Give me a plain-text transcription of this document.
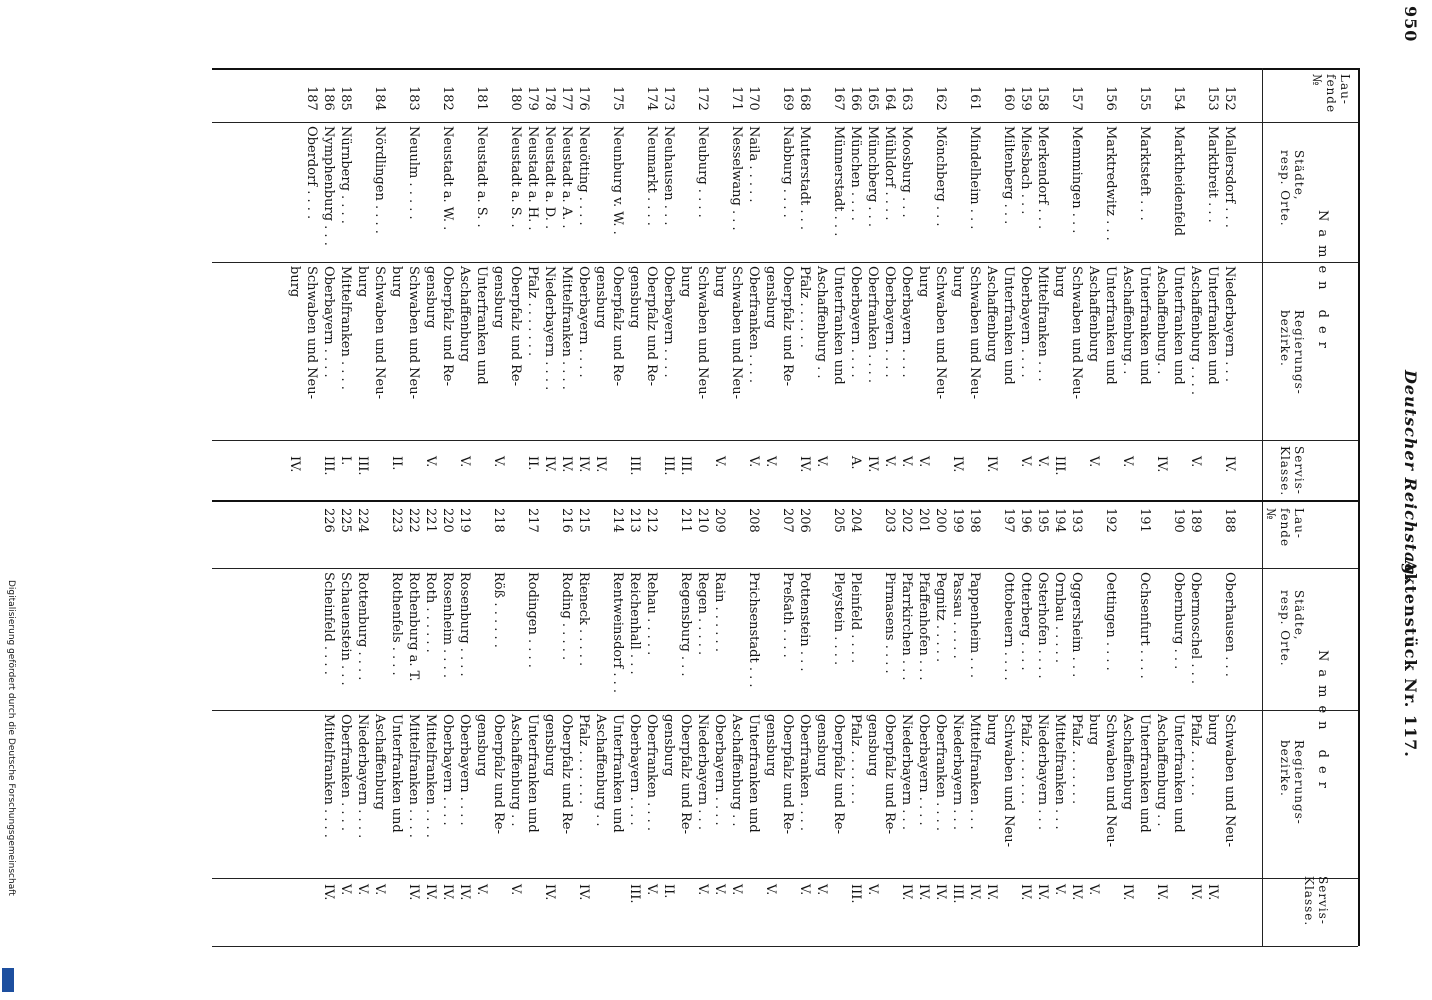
950
Deutscher Reichstag.
Aktenstück Nr. 117.
Lau-
fende
№
Namen der
Städte,
resp. Orte.
Regierungs-
bezirke.
Servis-
Klasse.
Lau-
fende
№
Namen der
Städte,
resp. Orte.
Regierungs-
bezirke.
Servis-
Klasse.
152
Mallersdorf . . .
Niederbayern . . .
IV.
153
Marktbreit . . .
Unterfranken und
Aschaffenburg . . . .
V.
154
Marktheidenfeld
Unterfranken und
Aschaffenburg. .
IV.
155
Marktsteft . . .
Unterfranken und
Aschaffenburg. .
V.
156
Marktredwitz . . .
Unterfranken und
Aschaffenburg
V.
157
Memmingen . . .
Schwaben und Neu-
burg
III.
158
Merkendorf . . .
Mittelfranken . . .
V.
159
Miesbach . . .
Oberbayern . . . .
V.
160
Miltenberg . . .
Unterfranken und
Aschaffenburg
IV.
161
Mindelheim . . .
Schwaben und Neu-
burg
IV.
162
Mönchberg . . .
Schwaben und Neu-
burg
V.
163
Moosburg . . .
Oberbayern . . . .
V.
164
Mühldorf . . . .
Oberbayern . . . .
V.
165
Münchberg . . .
Oberfranken . . . .
IV.
166
München . . . .
Oberbayern . . . .
A.
167
Münnerstadt . . .
Unterfranken und
Aschaffenburg . .
V.
168
Mutterstadt . . .
Pfalz . . . . . .
IV.
169
Nabburg . . . .
Oberpfalz und Re-
gensburg
V.
170
Naila . . . . .
Oberfranken . . . .
V.
171
Nesselwang . . .
Schwaben und Neu-
burg
V.
172
Neuburg . . . .
Schwaben und Neu-
burg
III.
173
Neuhausen . . .
Oberbayern . . . .
III.
174
Neumarkt . . . .
Oberpfalz und Re-
gensburg
III.
175
Neunburg v. W. .
Oberpfalz und Re-
gensburg
IV.
176
Neuötting . . . .
Oberbayern . . . .
IV.
177
Neustadt a. A. .
Mittelfranken . . . .
IV.
178
Neustadt a. D. .
Niederbayern . . . .
IV.
179
Neustadt a. H. .
Pfalz . . . . . . .
II.
180
Neustadt a. S. .
Oberpfalz und Re-
gensburg
V.
181
Neustadt a. S. .
Unterfranken und
Aschaffenburg
V.
182
Neustadt a. W. .
Oberpfalz und Re-
gensburg
V.
183
Neuulm . . . . .
Schwaben und Neu-
burg
II.
184
Nördlingen . . . .
Schwaben und Neu-
burg
III.
185
Nürnberg . . . .
Mittelfranken . . . .
I.
186
Nymphenburg . . .
Oberbayern . . . .
III.
187
Oberdorf . . . .
Schwaben und Neu-
burg
IV.
188
Oberhausen . . .
Schwaben und Neu-
burg
IV.
189
Obermoschel . . .
Pfalz . . . . . .
IV.
190
Obernburg . . .
Unterfranken und
Aschaffenburg . .
IV.
191
Ochsenfurt . . . .
Unterfranken und
Aschaffenburg
IV.
192
Oettingen . . . .
Schwaben und Neu-
burg
V.
193
Oggersheim . . .
Pfalz . . . . . . .
IV.
194
Ornbau . . . . .
Mittelfranken . . .
V.
195
Osterhofen . . . .
Niederbayern . . .
IV.
196
Otterberg . . . .
Pfalz . . . . . . .
IV.
197
Ottobeuern . . . .
Schwaben und Neu-
burg
IV.
198
Pappenheim . . .
Mittelfranken . . .
IV.
199
Passau . . . . .
Niederbayern . . .
III.
200
Pegnitz . . . . .
Oberfranken . . . .
IV.
201
Pfaffenhofen . . .
Oberbayern . . . .
IV.
202
Pfarrkirchen . . .
Niederbayern . . .
IV.
203
Pirmasens . . . .
Oberpfalz und Re-
gensburg
V.
204
Pleinfeld . . . .
Pfalz . . . . . . .
III.
205
Pleystein . . . .
Oberpfalz und Re-
gensburg
V.
206
Pottenstein . . .
Oberfranken . . . .
V.
207
Preßath . . . .
Oberpfalz und Re-
gensburg
V.
208
Prichsenstadt . . .
Unterfranken und
Aschaffenburg . .
V.
209
Rain . . . . . .
Oberbayern . . . .
V.
210
Regen . . . . .
Niederbayern . . .
V.
211
Regensburg . . .
Oberpfalz und Re-
gensburg
II.
212
Rehau . . . . .
Oberfranken . . . .
V.
213
Reichenhall . . .
Oberbayern . . . .
III.
214
Rentweinsdorf . . .
Unterfranken und
Aschaffenburg . .
215
Rieneck . . . . .
Pfalz . . . . . . .
IV.
216
Roding . . . . .
Oberpfalz und Re-
gensburg
IV.
217
Rodingen . . . .
Unterfranken und
Aschaffenburg . .
V.
218
Röß . . . . . .
Oberpfalz und Re-
gensburg
V.
219
Rosenburg . . . .
Oberbayern . . . .
IV.
220
Rosenheim . . . .
Oberbayern . . . .
IV.
221
Roth . . . . . .
Mittelfranken . . . .
IV.
222
Rothenburg a. T.
Mittelfranken . . . .
IV.
223
Rothenfels . . . .
Unterfranken und
Aschaffenburg
V.
224
Rottenburg . . . .
Niederbayern . . . .
V.
225
Schauenstein . . .
Oberfranken . . . .
V.
226
Scheinfeld . . . .
Mittelfranken . . . .
IV.
Digitalisierung gefördert durch die Deutsche Forschungsgemeinschaft
